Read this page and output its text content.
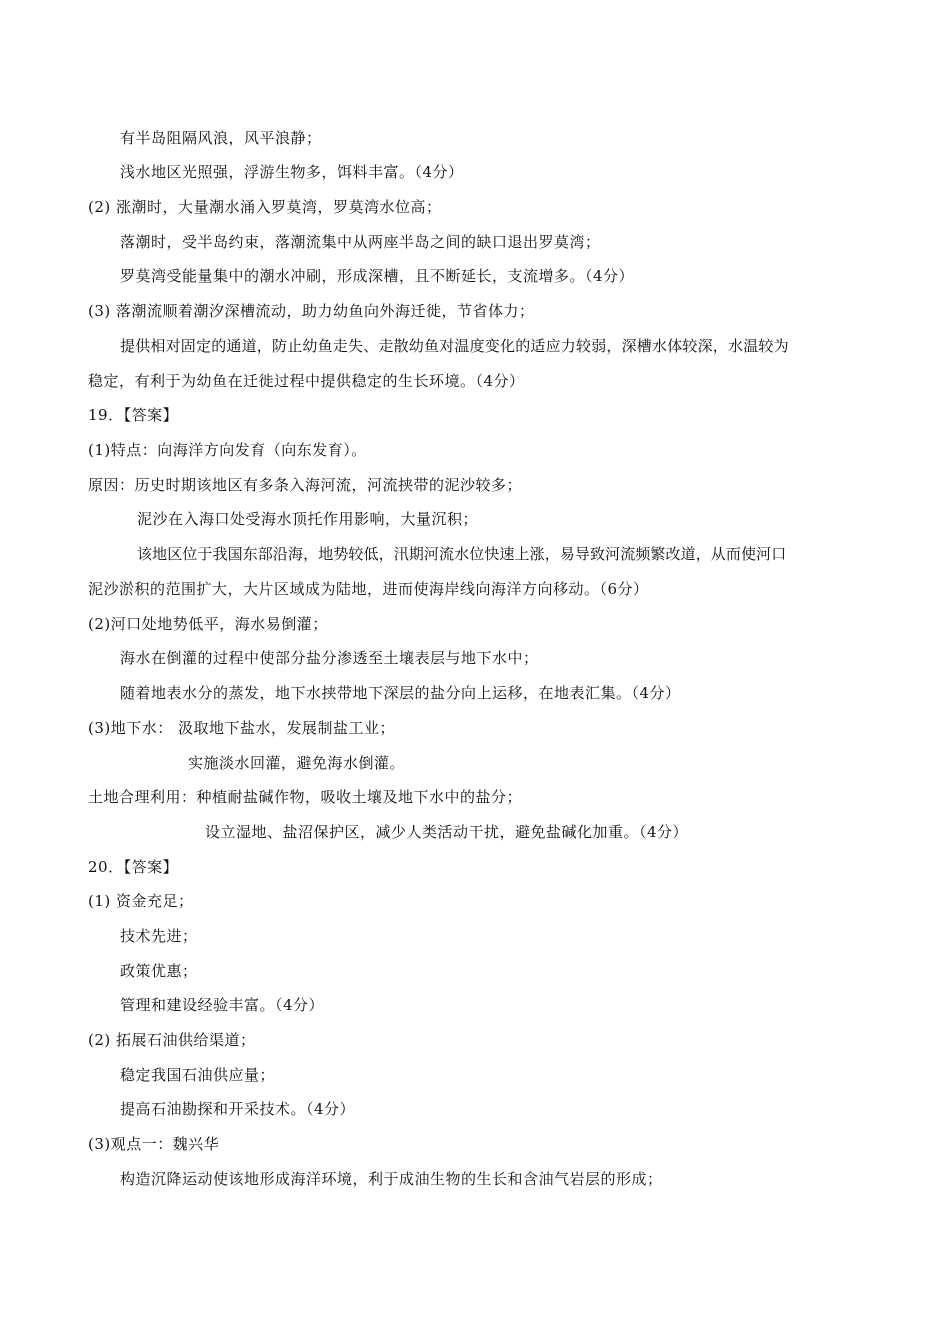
有半岛阻隔风浪，风平浪静；
浅水地区光照强，浮游生物多，饵料丰富。（4分）
(2) 涨潮时，大量潮水涌入罗莫湾，罗莫湾水位高；
落潮时，受半岛约束，落潮流集中从两座半岛之间的缺口退出罗莫湾；
罗莫湾受能量集中的潮水冲刷，形成深槽，且不断延长，支流增多。（4分）
(3) 落潮流顺着潮汐深槽流动，助力幼鱼向外海迁徙，节省体力；
提供相对固定的通道，防止幼鱼走失、走散幼鱼对温度变化的适应力较弱，深槽水体较深，水温较为
稳定，有利于为幼鱼在迁徙过程中提供稳定的生长环境。（4分）
19．【答案】
(1)特点：向海洋方向发育（向东发育）。
原因：历史时期该地区有多条入海河流，河流挟带的泥沙较多；
泥沙在入海口处受海水顶托作用影响，大量沉积；
该地区位于我国东部沿海，地势较低，汛期河流水位快速上涨，易导致河流频繁改道，从而使河口
泥沙淤积的范围扩大，大片区域成为陆地，进而使海岸线向海洋方向移动。（6分）
(2)河口处地势低平，海水易倒灌；
海水在倒灌的过程中使部分盐分渗透至土壤表层与地下水中；
随着地表水分的蒸发，地下水挟带地下深层的盐分向上运移，在地表汇集。（4分）
(3)地下水： 汲取地下盐水，发展制盐工业；
实施淡水回灌，避免海水倒灌。
土地合理利用：种植耐盐碱作物，吸收土壤及地下水中的盐分；
设立湿地、盐沼保护区，减少人类活动干扰，避免盐碱化加重。（4分）
20．【答案】
(1) 资金充足；
技术先进；
政策优惠；
管理和建设经验丰富。（4分）
(2) 拓展石油供给渠道；
稳定我国石油供应量；
提高石油勘探和开采技术。（4分）
(3)观点一：魏兴华
构造沉降运动使该地形成海洋环境，利于成油生物的生长和含油气岩层的形成；
